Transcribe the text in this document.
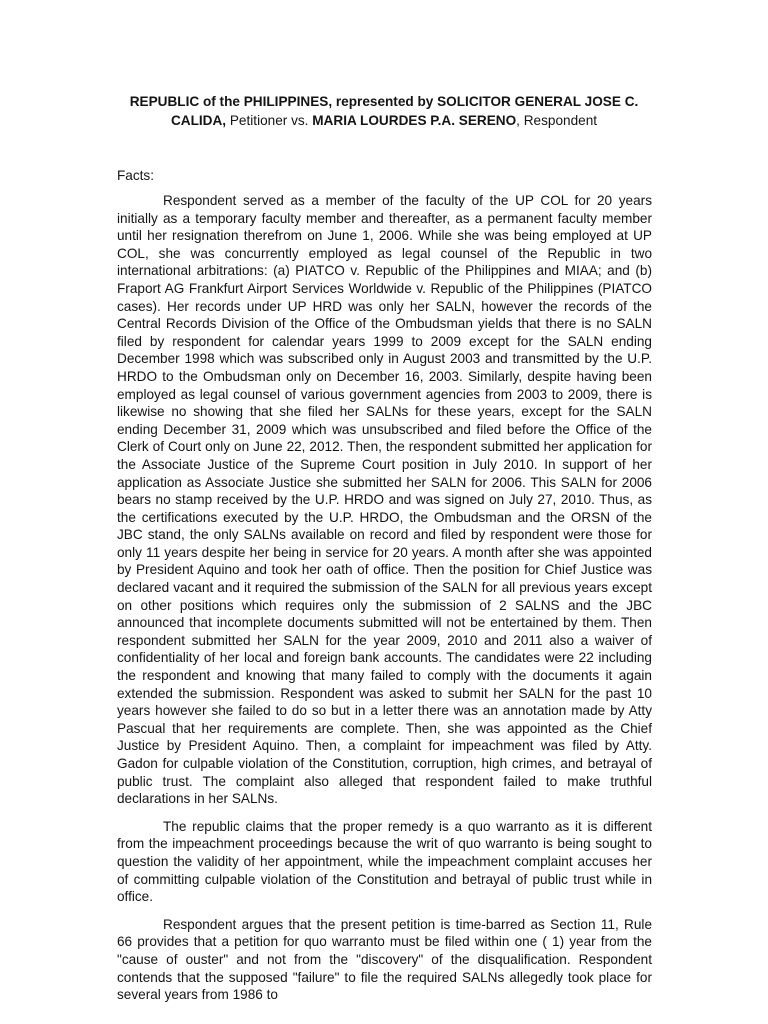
REPUBLIC of the PHILIPPINES, represented by SOLICITOR GENERAL JOSE C. CALIDA, Petitioner vs. MARIA LOURDES P.A. SERENO, Respondent
Facts:

Respondent served as a member of the faculty of the UP COL for 20 years initially as a temporary faculty member and thereafter, as a permanent faculty member until her resignation therefrom on June 1, 2006. While she was being employed at UP COL, she was concurrently employed as legal counsel of the Republic in two international arbitrations: (a) PIATCO v. Republic of the Philippines and MIAA; and (b) Fraport AG Frankfurt Airport Services Worldwide v. Republic of the Philippines (PIATCO cases). Her records under UP HRD was only her SALN, however the records of the Central Records Division of the Office of the Ombudsman yields that there is no SALN filed by respondent for calendar years 1999 to 2009 except for the SALN ending December 1998 which was subscribed only in August 2003 and transmitted by the U.P. HRDO to the Ombudsman only on December 16, 2003. Similarly, despite having been employed as legal counsel of various government agencies from 2003 to 2009, there is likewise no showing that she filed her SALNs for these years, except for the SALN ending December 31, 2009 which was unsubscribed and filed before the Office of the Clerk of Court only on June 22, 2012. Then, the respondent submitted her application for the Associate Justice of the Supreme Court position in July 2010. In support of her application as Associate Justice she submitted her SALN for 2006. This SALN for 2006 bears no stamp received by the U.P. HRDO and was signed on July 27, 2010. Thus, as the certifications executed by the U.P. HRDO, the Ombudsman and the ORSN of the JBC stand, the only SALNs available on record and filed by respondent were those for only 11 years despite her being in service for 20 years. A month after she was appointed by President Aquino and took her oath of office. Then the position for Chief Justice was declared vacant and it required the submission of the SALN for all previous years except on other positions which requires only the submission of 2 SALNS and the JBC announced that incomplete documents submitted will not be entertained by them. Then respondent submitted her SALN for the year 2009, 2010 and 2011 also a waiver of confidentiality of her local and foreign bank accounts. The candidates were 22 including the respondent and knowing that many failed to comply with the documents it again extended the submission. Respondent was asked to submit her SALN for the past 10 years however she failed to do so but in a letter there was an annotation made by Atty Pascual that her requirements are complete. Then, she was appointed as the Chief Justice by President Aquino. Then, a complaint for impeachment was filed by Atty. Gadon for culpable violation of the Constitution, corruption, high crimes, and betrayal of public trust. The complaint also alleged that respondent failed to make truthful declarations in her SALNs.

The republic claims that the proper remedy is a quo warranto as it is different from the impeachment proceedings because the writ of quo warranto is being sought to question the validity of her appointment, while the impeachment complaint accuses her of committing culpable violation of the Constitution and betrayal of public trust while in office.

Respondent argues that the present petition is time-barred as Section 11, Rule 66 provides that a petition for quo warranto must be filed within one ( 1) year from the "cause of ouster" and not from the "discovery" of the disqualification. Respondent contends that the supposed "failure" to file the required SALNs allegedly took place for several years from 1986 to
